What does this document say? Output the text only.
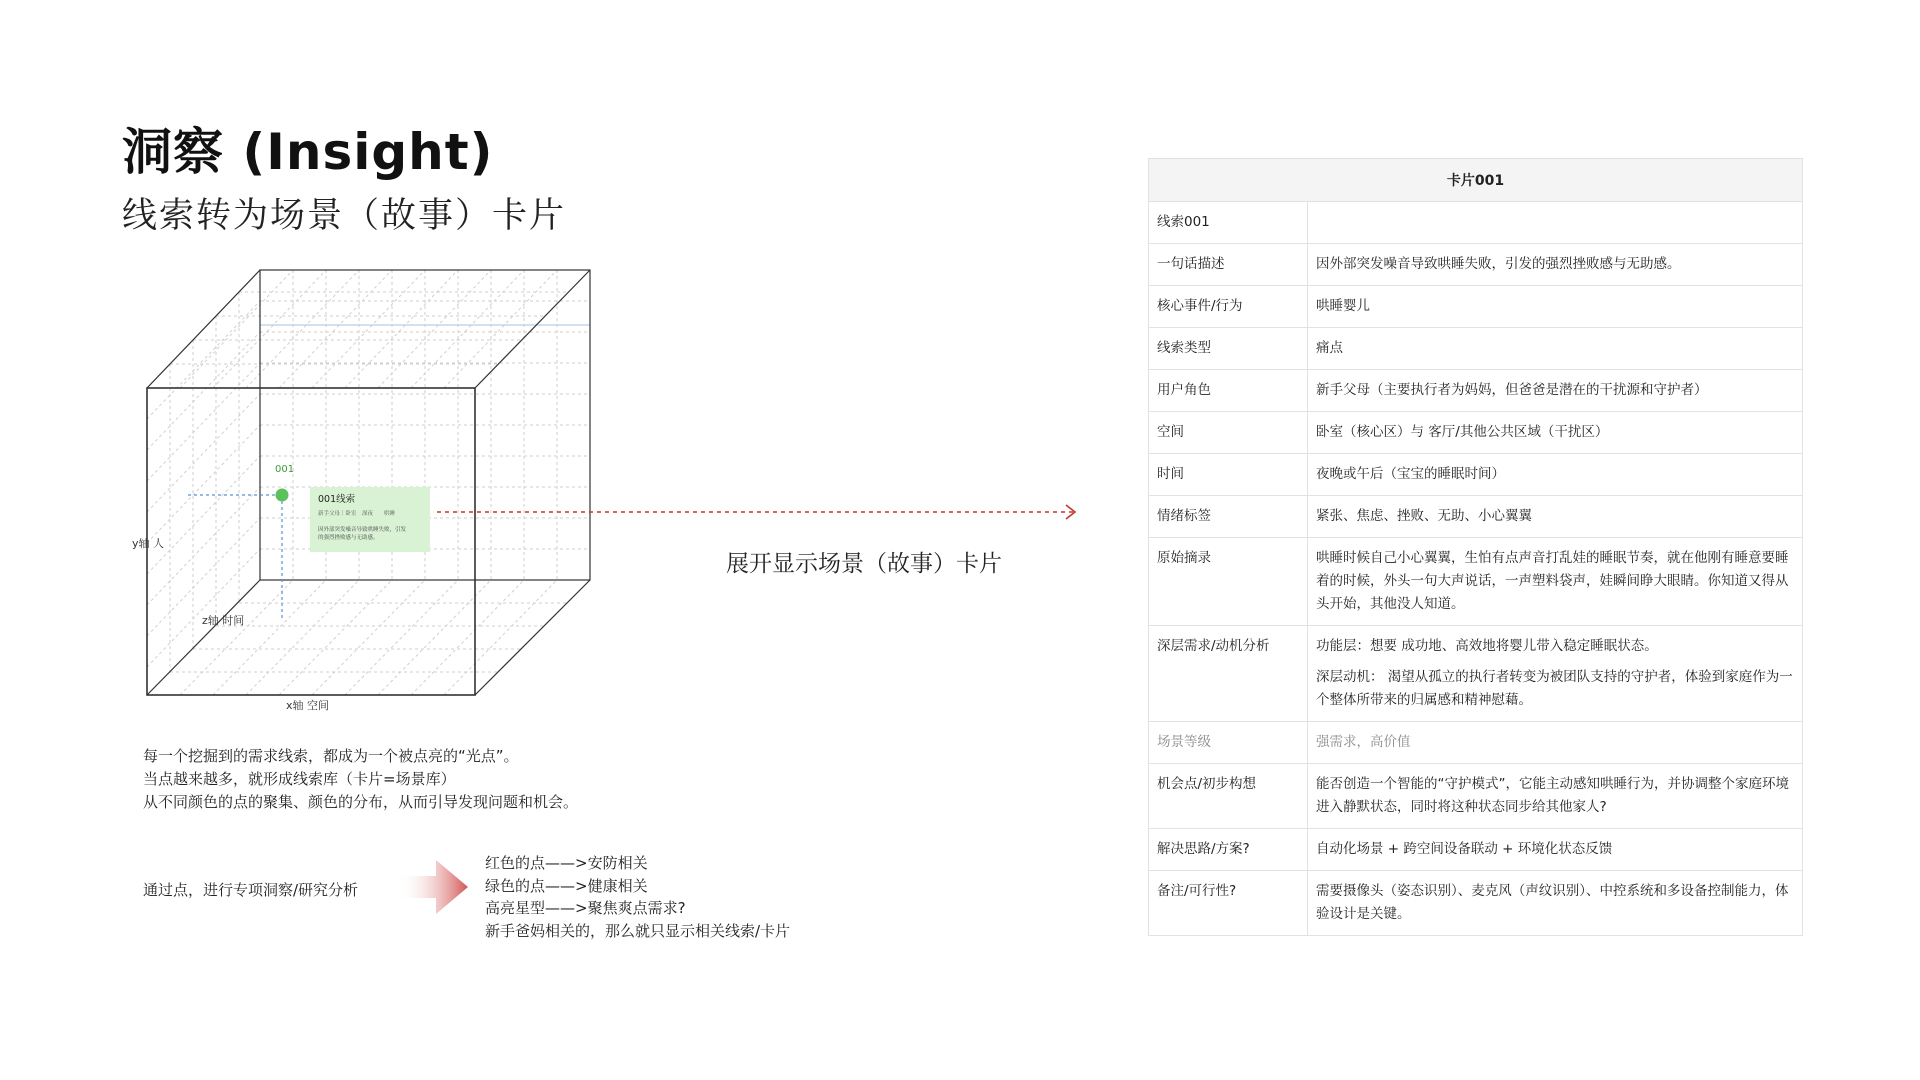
洞察 (Insight)
线索转为场景（故事）卡片
001线索
新手父母｜卧室　深夜　　哄睡
因外部突发噪音导致哄睡失败，引发
的强烈挫败感与无助感。
001
y轴 人
z轴 时间
x轴 空间
展开显示场景（故事）卡片
每一个挖掘到的需求线索，都成为一个被点亮的“光点”。
当点越来越多，就形成线索库（卡片=场景库）
从不同颜色的点的聚集、颜色的分布，从而引导发现问题和机会。
通过点，进行专项洞察/研究分析
红色的点——>安防相关
绿色的点——>健康相关
高亮星型——>聚焦爽点需求?
新手爸妈相关的，那么就只显示相关线索/卡片
卡片001	
线索001	
一句话描述	因外部突发噪音导致哄睡失败，引发的强烈挫败感与无助感。
核心事件/行为	哄睡婴儿
线索类型	痛点
用户角色	新手父母（主要执行者为妈妈，但爸爸是潜在的干扰源和守护者）
空间	卧室（核心区）与 客厅/其他公共区域（干扰区）
时间	夜晚或午后（宝宝的睡眠时间）
情绪标签	紧张、焦虑、挫败、无助、小心翼翼
原始摘录	哄睡时候自己小心翼翼，生怕有点声音打乱娃的睡眠节奏，就在他刚有睡意要睡着的时候，外头一句大声说话，一声塑料袋声，娃瞬间睁大眼睛。你知道又得从头开始，其他没人知道。
深层需求/动机分析	功能层：想要 成功地、高效地将婴儿带入稳定睡眠状态。
深层动机： 渴望从孤立的执行者转变为被团队支持的守护者，体验到家庭作为一个整体所带来的归属感和精神慰藉。

场景等级	强需求，高价值
机会点/初步构想	能否创造一个智能的“守护模式”，它能主动感知哄睡行为，并协调整个家庭环境进入静默状态，同时将这种状态同步给其他家人?
解决思路/方案?	自动化场景 + 跨空间设备联动 + 环境化状态反馈
备注/可行性?	需要摄像头（姿态识别）、麦克风（声纹识别）、中控系统和多设备控制能力，体验设计是关键。
